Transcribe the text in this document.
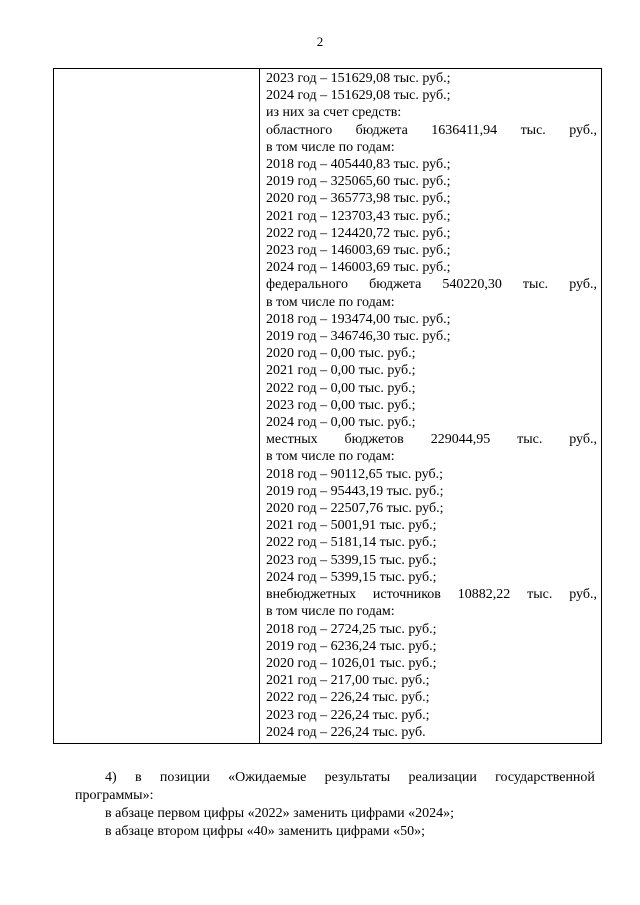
2
2023 год – 151629,08 тыс. руб.;
2024 год – 151629,08 тыс. руб.;
из них за счет средств:
областного бюджета 1636411,94 тыс. руб.,
в том числе по годам:
2018 год – 405440,83 тыс. руб.;
2019 год – 325065,60 тыс. руб.;
2020 год – 365773,98 тыс. руб.;
2021 год – 123703,43 тыс. руб.;
2022 год – 124420,72 тыс. руб.;
2023 год – 146003,69 тыс. руб.;
2024 год – 146003,69 тыс. руб.;
федерального бюджета 540220,30 тыс. руб.,
в том числе по годам:
2018 год – 193474,00 тыс. руб.;
2019 год – 346746,30 тыс. руб.;
2020 год – 0,00 тыс. руб.;
2021 год – 0,00 тыс. руб.;
2022 год – 0,00 тыс. руб.;
2023 год – 0,00 тыс. руб.;
2024 год – 0,00 тыс. руб.;
местных бюджетов 229044,95 тыс. руб.,
в том числе по годам:
2018 год – 90112,65 тыс. руб.;
2019 год – 95443,19 тыс. руб.;
2020 год – 22507,76 тыс. руб.;
2021 год – 5001,91 тыс. руб.;
2022 год – 5181,14 тыс. руб.;
2023 год – 5399,15 тыс. руб.;
2024 год – 5399,15 тыс. руб.;
внебюджетных источников 10882,22 тыс. руб.,
в том числе по годам:
2018 год – 2724,25 тыс. руб.;
2019 год – 6236,24 тыс. руб.;
2020 год – 1026,01 тыс. руб.;
2021 год – 217,00 тыс. руб.;
2022 год – 226,24 тыс. руб.;
2023 год – 226,24 тыс. руб.;
2024 год – 226,24 тыс. руб.
4) в позиции «Ожидаемые результаты реализации государственной
программы»:
в абзаце первом цифры «2022» заменить цифрами «2024»;
в абзаце втором цифры «40» заменить цифрами «50»;
